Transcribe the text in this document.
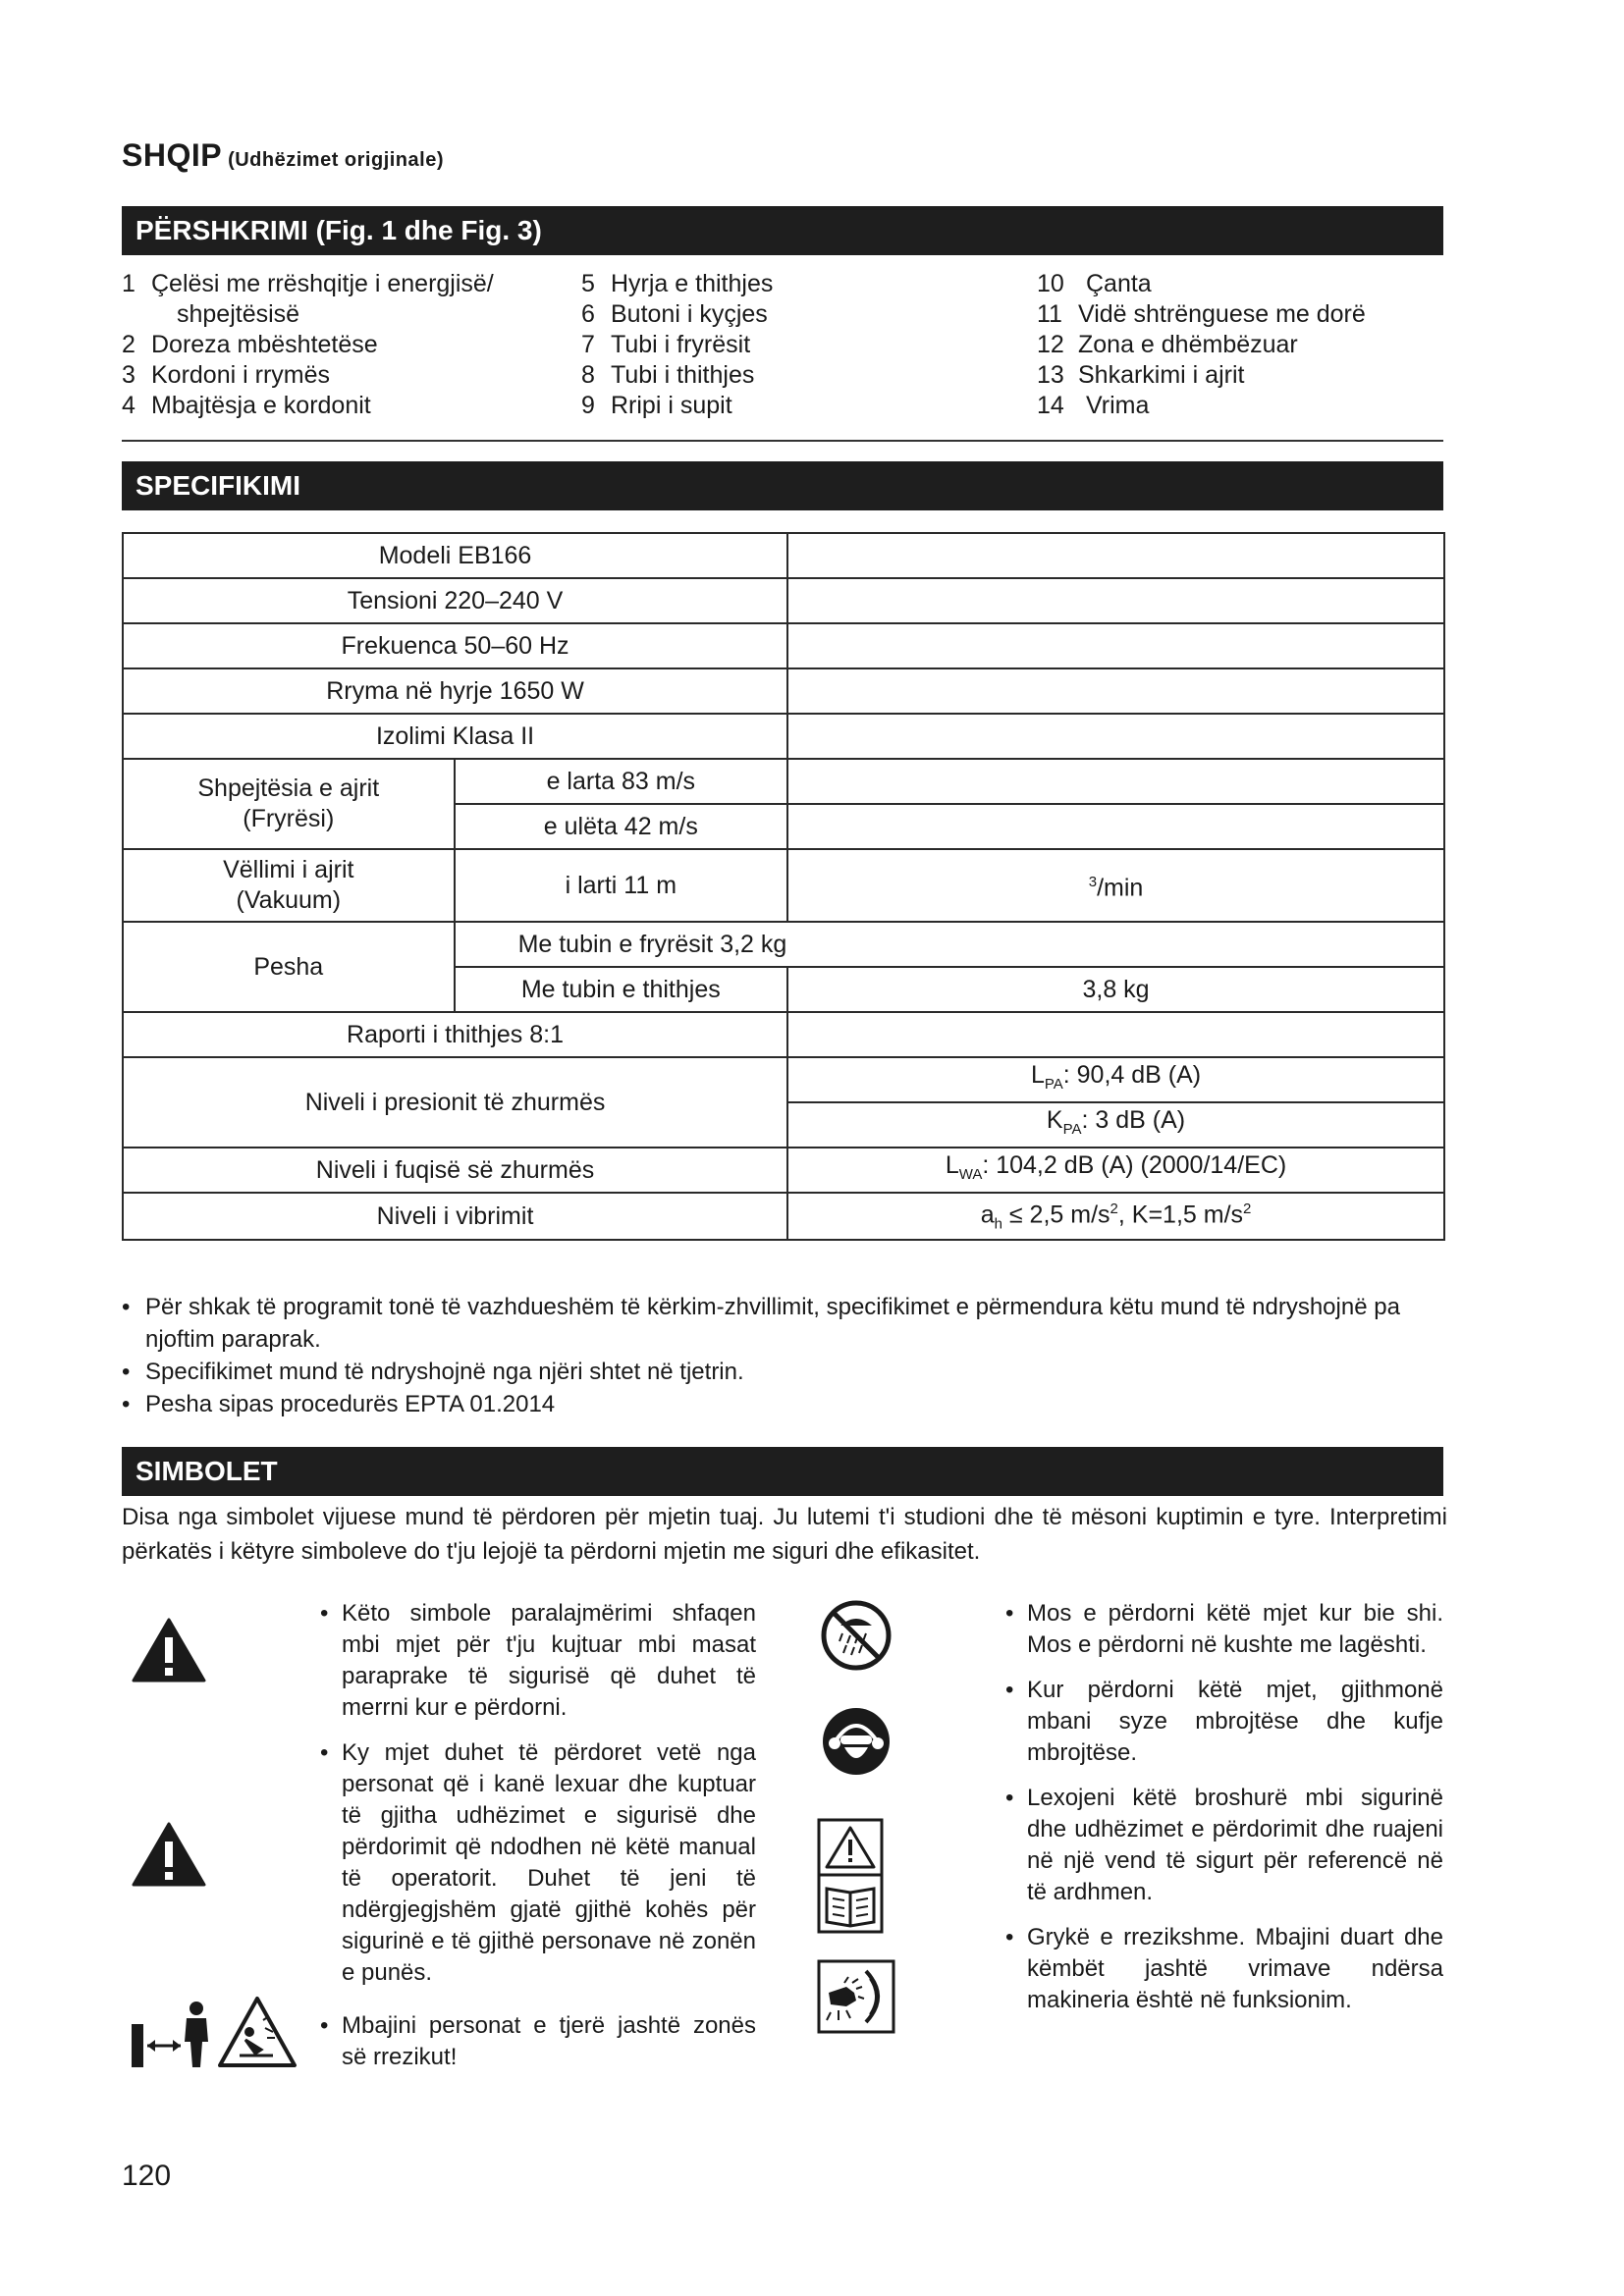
SHQIP (Udhëzimet origjinale)
PËRSHKRIMI (Fig. 1 dhe Fig. 3)
1 Çelësi me rrëshqitje i energjisë/
shpejtësisë
2 Doreza mbështetëse
3 Kordoni i rrymës
4 Mbajtësja e kordonit
5 Hyrja e thithjes
6 Butoni i kyçjes
7 Tubi i fryrësit
8 Tubi i thithjes
9 Rripi i supit
10 Çanta
11 Vidë shtrënguese me dorë
12 Zona e dhëmbëzuar
13 Shkarkimi i ajrit
14 Vrima
SPECIFIKIMI
Modeli EB166		
Tensioni 220–240 V		
Frekuenca 50–60 Hz		
Rryma në hyrje 1650 W		
Izolimi Klasa II		
Shpejtësia e ajrit
(Fryrësi)	e larta 83 m/s	
	e ulëta 42 m/s	
Vëllimi i ajrit
(Vakuum)	i larti 11 m	$^3$/min
Pesha	Me tubin e fryrësit 3,2 kg	
	Me tubin e thithjes	3,8 kg
Raporti i thithjes 8:1		
Niveli i presionit të zhurmës		$L_{PA}$: 90,4 dB (A)
		$K_{PA}$: 3 dB (A)
Niveli i fuqisë së zhurmës		$L_{WA}$: 104,2 dB (A) (2000/14/EC)
Niveli i vibrimit		$a_h \le 2,5$ $m/s^2$, K=1,5 $m/s^2$
• Për shkak të programit tonë të vazhdueshëm të kërkim-zhvillimit, specifikimet e përmendura këtu mund të ndryshojnë pa njoftim paraprak.
• Specifikimet mund të ndryshojnë nga njëri shtet në tjetrin.
• Pesha sipas procedurës EPTA 01.2014
SIMBOLET
Disa nga simbolet vijuese mund të përdoren për mjetin tuaj. Ju lutemi t'i studioni dhe të mësoni kuptimin e tyre. Interpretimi përkatës i këtyre simboleve do t'ju lejojë ta përdorni mjetin me siguri dhe efikasitet.
• Këto simbole paralajmërimi shfaqen mbi mjet për t'ju kujtuar mbi masat paraprake të sigurisë që duhet të merrni kur e përdorni.
• Ky mjet duhet të përdoret vetë nga personat që i kanë lexuar dhe kuptuar të gjitha udhëzimet e sigurisë dhe përdorimit që ndodhen në këtë manual të operatorit. Duhet të jeni të ndërgjegjshëm gjatë gjithë kohës për sigurinë e të gjithë personave në zonën e punës.
• Mbajini personat e tjerë jashtë zonës së rrezikut!
• Mos e përdorni këtë mjet kur bie shi. Mos e përdorni në kushte me lagështi.
• Kur përdorni këtë mjet, gjithmonë mbani syze mbrojtëse dhe kufje mbrojtëse.
• Lexojeni këtë broshurë mbi sigurinë dhe udhëzimet e përdorimit dhe ruajeni në një vend të sigurt për referencë në të ardhmen.
• Grykë e rrezikshme. Mbajini duart dhe këmbët jashtë vrimave ndërsa makineria është në funksionim.
120
